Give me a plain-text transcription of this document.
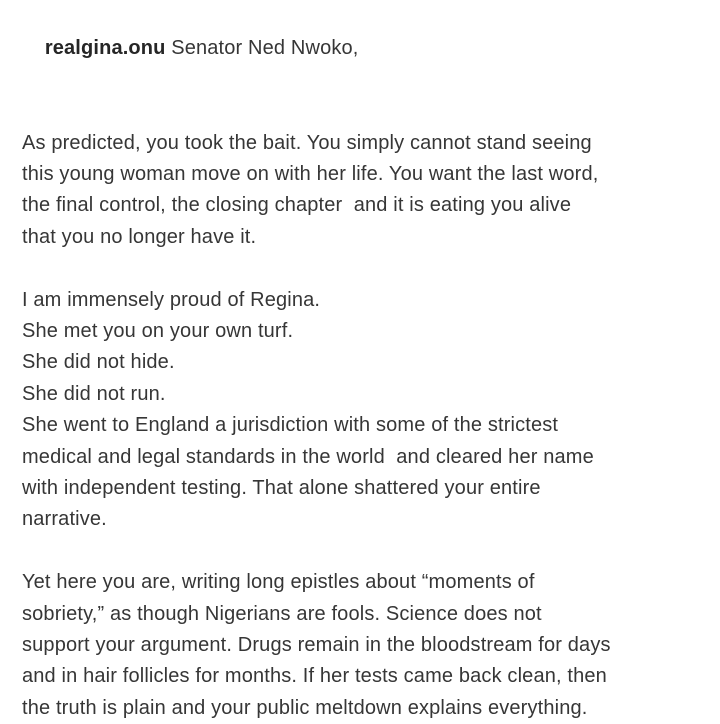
realgina.onu Senator Ned Nwoko,

As predicted, you took the bait. You simply cannot stand seeing
this young woman move on with her life. You want the last word,
the final control, the closing chapter  and it is eating you alive
that you no longer have it.
I am immensely proud of Regina.
She met you on your own turf.
She did not hide.
She did not run.
She went to England a jurisdiction with some of the strictest
medical and legal standards in the world  and cleared her name
with independent testing. That alone shattered your entire
narrative.
Yet here you are, writing long epistles about “moments of
sobriety,” as though Nigerians are fools. Science does not
support your argument. Drugs remain in the bloodstream for days
and in hair follicles for months. If her tests came back clean, then
the truth is plain and your public meltdown explains everything.
